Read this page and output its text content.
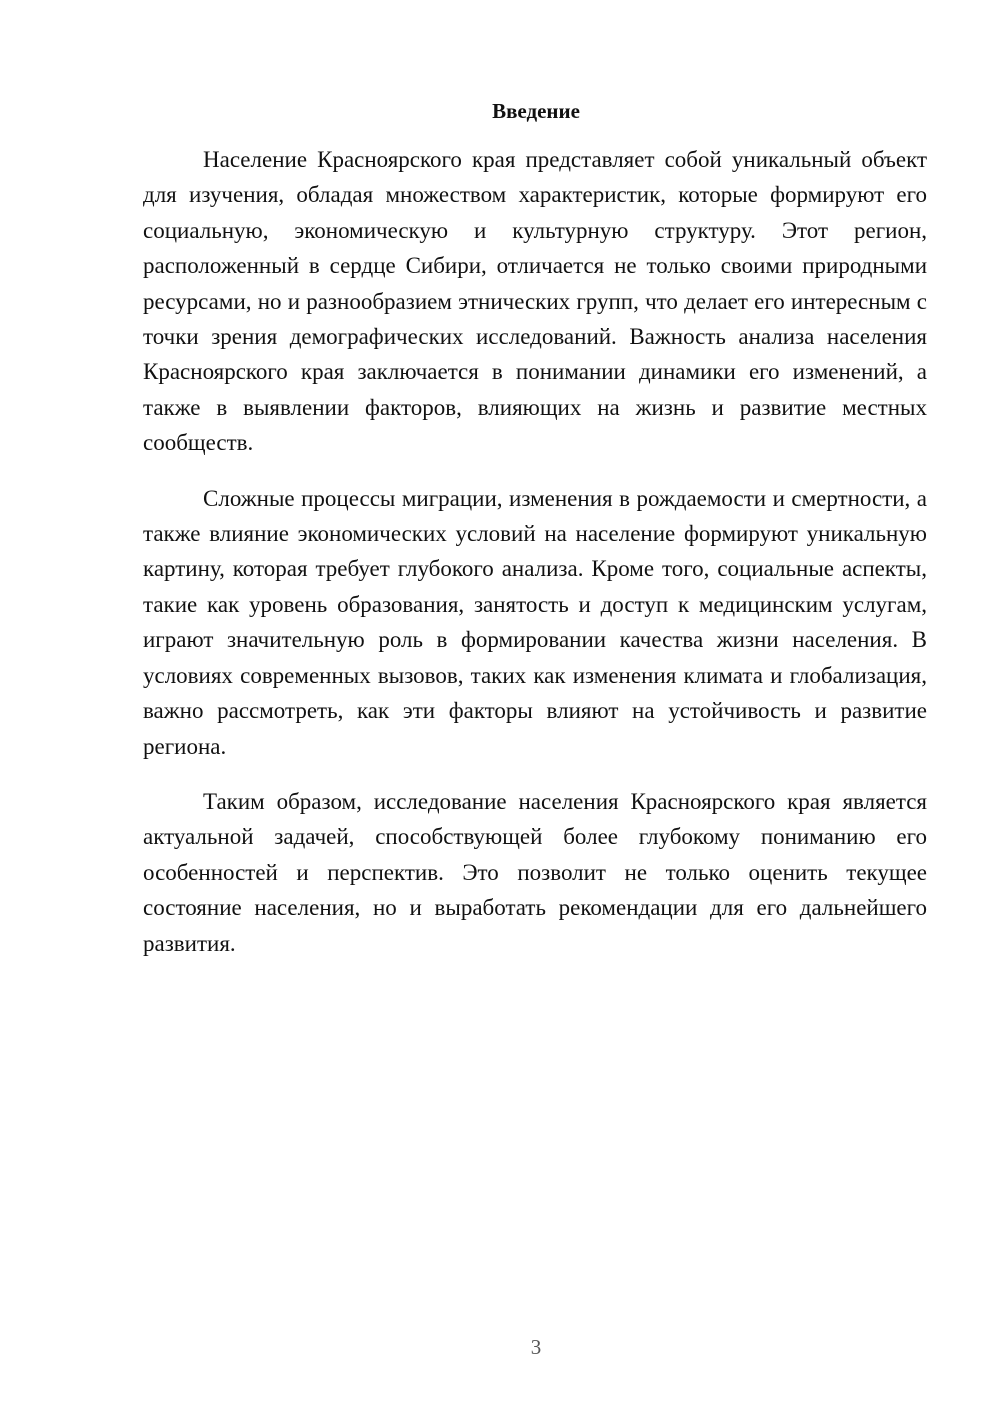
Введение

Население Красноярского края представляет собой уникальный объект для изучения, обладая множеством характеристик, которые формируют его социальную, экономическую и культурную структуру. Этот регион, расположенный в сердце Сибири, отличается не только своими природными ресурсами, но и разнообразием этнических групп, что делает его интересным с точки зрения демографических исследований. Важность анализа населения Красноярского края заключается в понимании динамики его изменений, а также в выявлении факторов, влияющих на жизнь и развитие местных сообществ.

Сложные процессы миграции, изменения в рождаемости и смертности, а также влияние экономических условий на население формируют уникальную картину, которая требует глубокого анализа. Кроме того, социальные аспекты, такие как уровень образования, занятость и доступ к медицинским услугам, играют значительную роль в формировании качества жизни населения. В условиях современных вызовов, таких как изменения климата и глобализация, важно рассмотреть, как эти факторы влияют на устойчивость и развитие региона.

Таким образом, исследование населения Красноярского края является актуальной задачей, способствующей более глубокому пониманию его особенностей и перспектив. Это позволит не только оценить текущее состояние населения, но и выработать рекомендации для его дальнейшего развития.

3
